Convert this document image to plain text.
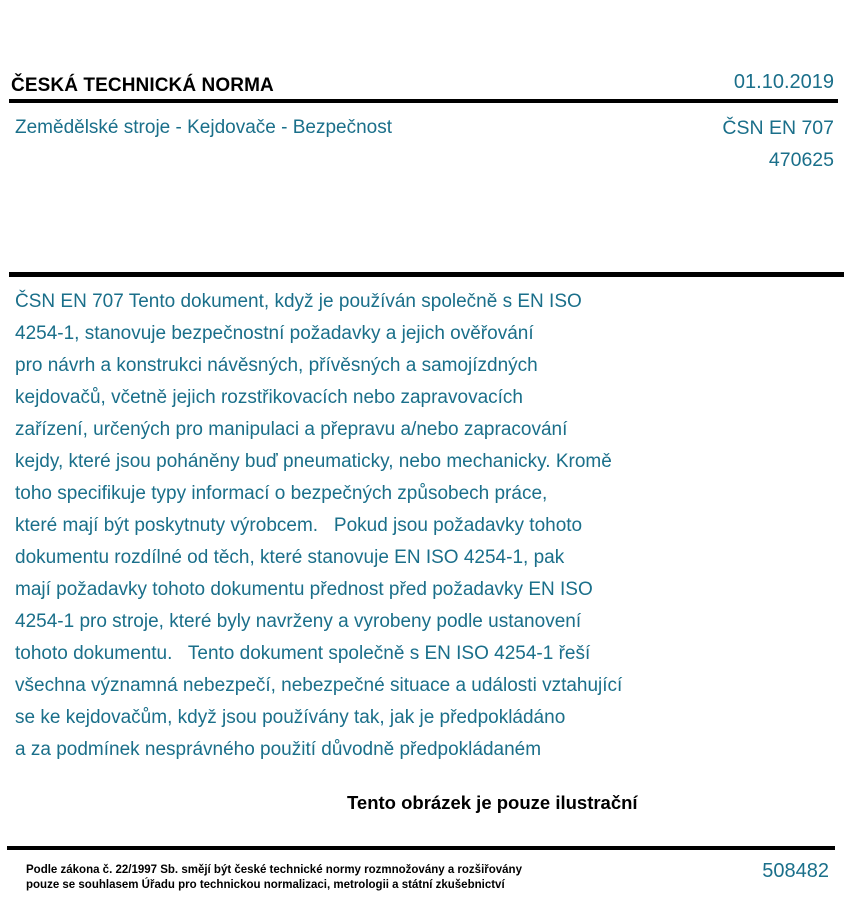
ČESKÁ TECHNICKÁ NORMA	01.10.2019
Zemědělské stroje - Kejdovače - Bezpečnost	ČSN EN 707
470625
ČSN EN 707 Tento dokument, když je používán společně s EN ISO
4254-1, stanovuje bezpečnostní požadavky a jejich ověřování
pro návrh a konstrukci návěsných, přívěsných a samojízdných
kejdovačů, včetně jejich rozstřikovacích nebo zapravovacích
zařízení, určených pro manipulaci a přepravu a/nebo zapracování
kejdy, které jsou poháněny buď pneumaticky, nebo mechanicky. Kromě
toho specifikuje typy informací o bezpečných způsobech práce,
které mají být poskytnuty výrobcem.   Pokud jsou požadavky tohoto
dokumentu rozdílné od těch, které stanovuje EN ISO 4254-1, pak
mají požadavky tohoto dokumentu přednost před požadavky EN ISO
4254-1 pro stroje, které byly navrženy a vyrobeny podle ustanovení
tohoto dokumentu.   Tento dokument společně s EN ISO 4254-1 řeší
všechna významná nebezpečí, nebezpečné situace a události vztahující
se ke kejdovačům, když jsou používány tak, jak je předpokládáno
a za podmínek nesprávného použití důvodně předpokládaném
Tento obrázek je pouze ilustrační
Podle zákona č. 22/1997 Sb. smějí být české technické normy rozmnožovány a rozšiřovány
pouze se souhlasem Úřadu pro technickou normalizaci, metrologii a státní zkušebnictví
508482
